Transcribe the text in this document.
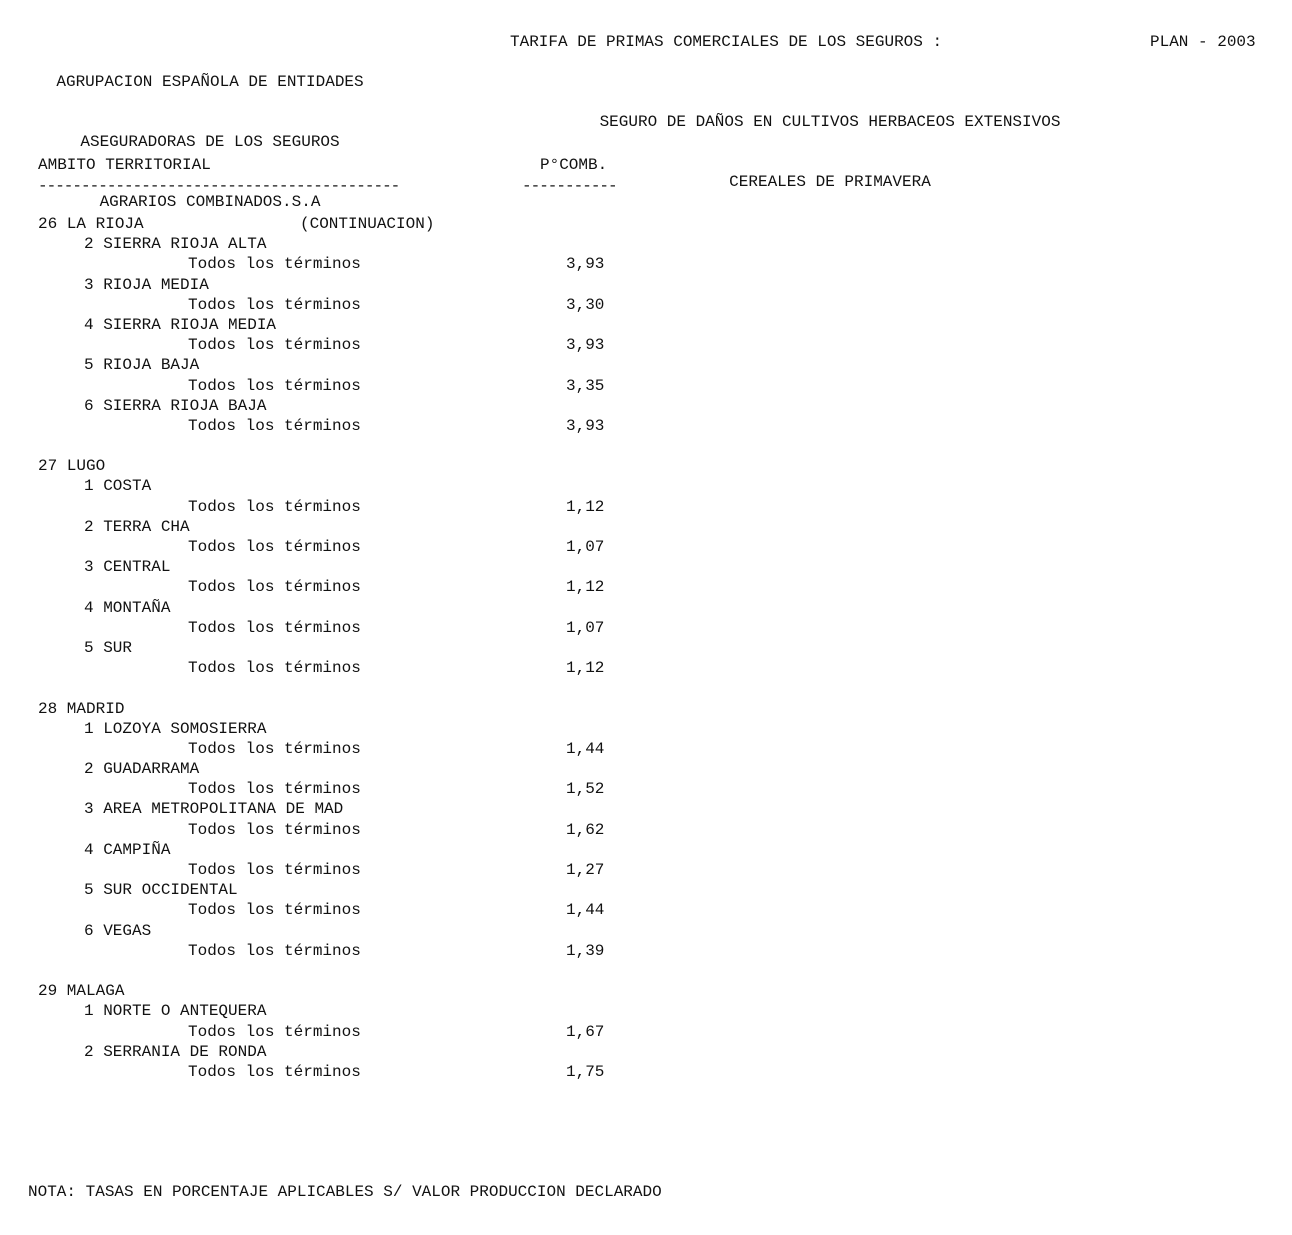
AGRUPACION ESPAÑOLA DE ENTIDADES

ASEGURADORAS DE LOS SEGUROS

AGRARIOS COMBINADOS.S.A

TARIFA DE PRIMAS COMERCIALES DE LOS SEGUROS :	PLAN - 2003

SEGURO DE DAÑOS EN CULTIVOS HERBACEOS EXTENSIVOS

CEREALES DE PRIMAVERA

AMBITO TERRITORIAL	P°COMB.
------------------------------------------	-----------
26 LA RIOJA	(CONTINUACION)
2 SIERRA RIOJA ALTA
Todos los términos	3,93
3 RIOJA MEDIA
Todos los términos	3,30
4 SIERRA RIOJA MEDIA
Todos los términos	3,93
5 RIOJA BAJA
Todos los términos	3,35
6 SIERRA RIOJA BAJA
Todos los términos	3,93
27 LUGO
1 COSTA
Todos los términos	1,12
2 TERRA CHA
Todos los términos	1,07
3 CENTRAL
Todos los términos	1,12
4 MONTAÑA
Todos los términos	1,07
5 SUR
Todos los términos	1,12
28 MADRID
1 LOZOYA SOMOSIERRA
Todos los términos	1,44
2 GUADARRAMA
Todos los términos	1,52
3 AREA METROPOLITANA DE MAD
Todos los términos	1,62
4 CAMPIÑA
Todos los términos	1,27
5 SUR OCCIDENTAL
Todos los términos	1,44
6 VEGAS
Todos los términos	1,39
29 MALAGA
1 NORTE O ANTEQUERA
Todos los términos	1,67
2 SERRANIA DE RONDA
Todos los términos	1,75
NOTA: TASAS EN PORCENTAJE APLICABLES S/ VALOR PRODUCCION DECLARADO
